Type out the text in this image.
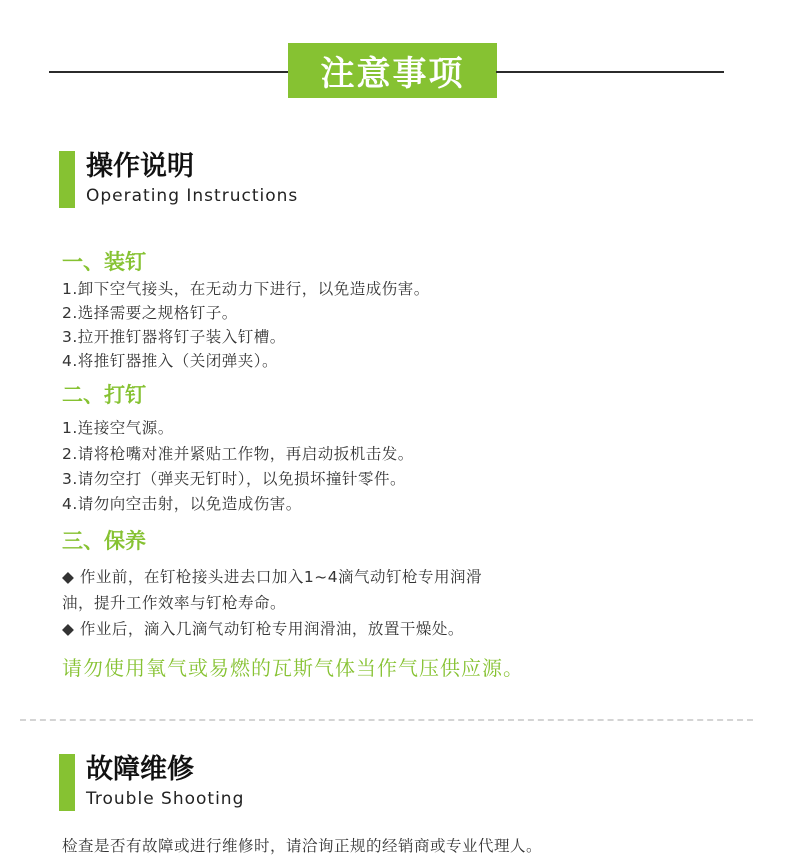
注意事项
操作说明
Operating Instructions
一、装钉
1.卸下空气接头，在无动力下进行，以免造成伤害。
2.选择需要之规格钉子。
3.拉开推钉器将钉子装入钉槽。
4.将推钉器推入（关闭弹夹）。
二、打钉
1.连接空气源。
2.请将枪嘴对准并紧贴工作物，再启动扳机击发。
3.请勿空打（弹夹无钉时），以免损坏撞针零件。
4.请勿向空击射，以免造成伤害。
三、保养
◆ 作业前，在钉枪接头进去口加入1~4滴气动钉枪专用润滑
油，提升工作效率与钉枪寿命。
◆ 作业后，滴入几滴气动钉枪专用润滑油，放置干燥处。
请勿使用氧气或易燃的瓦斯气体当作气压供应源。
故障维修
Trouble Shooting
检查是否有故障或进行维修时，请洽询正规的经销商或专业代理人。
